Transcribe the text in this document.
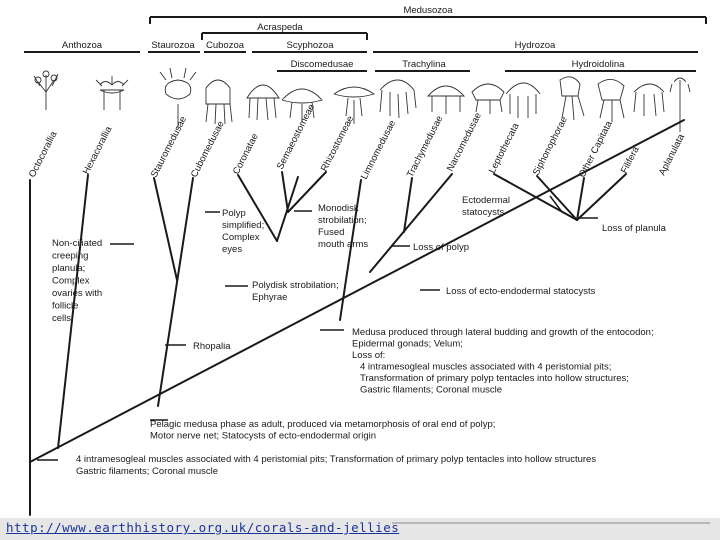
Medusozoa
Acraspeda
Anthozoa	Staurozoa Cubozoa	Scyphozoa	Hydrozoa
Discomedusae	Trachylina	Hydroidolina
Octocorallia Hexacorallia	Stauromedusae Cubomedusae Coronatae Semaeostomeae Rhizostomeae Limnomedusae Trachymedusae Narcomedusae Leptothecata Siphonophorae Other Capitata Filifera Aplanulata
Polyp simplified; Complex eyes
Non-ciliated creeping planula; Complex ovaries with follicle cells
Monodisk strobilation; Fused mouth arms
Ectodermal statocysts
Loss of polyp
Loss of planula
Polydisk strobilation; Ephyrae
Loss of ecto-endodermal statocysts
Rhopalia
Medusa produced through lateral budding and growth of the entocodon; Epidermal gonads; Velum; Loss of: 4 intramesogleal muscles associated with 4 peristomial pits; Transformation of primary polyp tentacles into hollow structures; Gastric filaments; Coronal muscle
Pelagic medusa phase as adult, produced via metamorphosis of oral end of polyp; Motor nerve net; Statocysts of ecto-endodermal origin
4 intramesogleal muscles associated with 4 peristomial pits; Transformation of primary polyp tentacles into hollow structures Gastric filaments; Coronal muscle
http://www.earthhistory.org.uk/corals-and-jellies
